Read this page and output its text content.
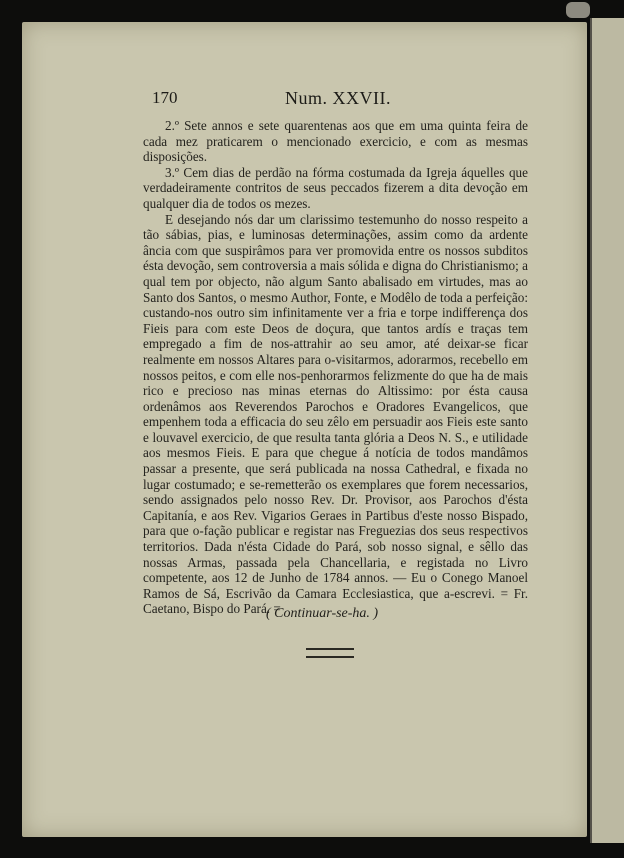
170	Num. XXVII.

2.º Sete annos e sete quarentenas aos que em uma quinta feira de cada mez praticarem o mencionado exercicio, e com as mesmas disposições.

3.º Cem dias de perdão na fórma costumada da Igreja áquelles que verdadeiramente contritos de seus peccados fizerem a dita devoção em qualquer dia de todos os mezes.

E desejando nós dar um clarissimo testemunho do nosso respeito a tão sábias, pias, e luminosas determinações, assim como da ardente ância com que suspirâmos para ver promovida entre os nossos subditos ésta devoção, sem controversia a mais sólida e digna do Christianismo; a qual tem por objecto, não algum Santo abalisado em virtudes, mas ao Santo dos Santos, o mesmo Author, Fonte, e Modêlo de toda a perfeição: custando-nos outro sim infinitamente ver a fria e torpe indifferença dos Fieis para com este Deos de doçura, que tantos ardís e traças tem empregado a fim de nos-attrahir ao seu amor, até deixar-se ficar realmente em nossos Altares para o-visitarmos, adorarmos, recebello em nossos peitos, e com elle nos-penhorarmos felizmente do que ha de mais rico e precioso nas minas eternas do Altissimo: por ésta causa ordenâmos aos Reverendos Parochos e Oradores Evangelicos, que empenhem toda a efficacia do seu zêlo em persuadir aos Fieis este santo e louvavel exercicio, de que resulta tanta glória a Deos N. S., e utilidade aos mesmos Fieis. E para que chegue á notícia de todos mandâmos passar a presente, que será publicada na nossa Cathedral, e fixada no lugar costumado; e se-remetterão os exemplares que forem necessarios, sendo assignados pelo nosso Rev. Dr. Provisor, aos Parochos d'ésta Capitanía, e aos Rev. Vigarios Geraes in Partibus d'este nosso Bispado, para que o-fação publicar e registar nas Freguezias dos seus respectivos territorios. Dada n'ésta Cidade do Pará, sob nosso signal, e sêllo das nossas Armas, passada pela Chancellaria, e registada no Livro competente, aos 12 de Junho de 1784 annos. — Eu o Conego Manoel Ramos de Sá, Escrivão da Camara Ecclesiastica, que a-escrevi. = Fr. Caetano, Bispo do Pará. =

( Continuar-se-ha. )
